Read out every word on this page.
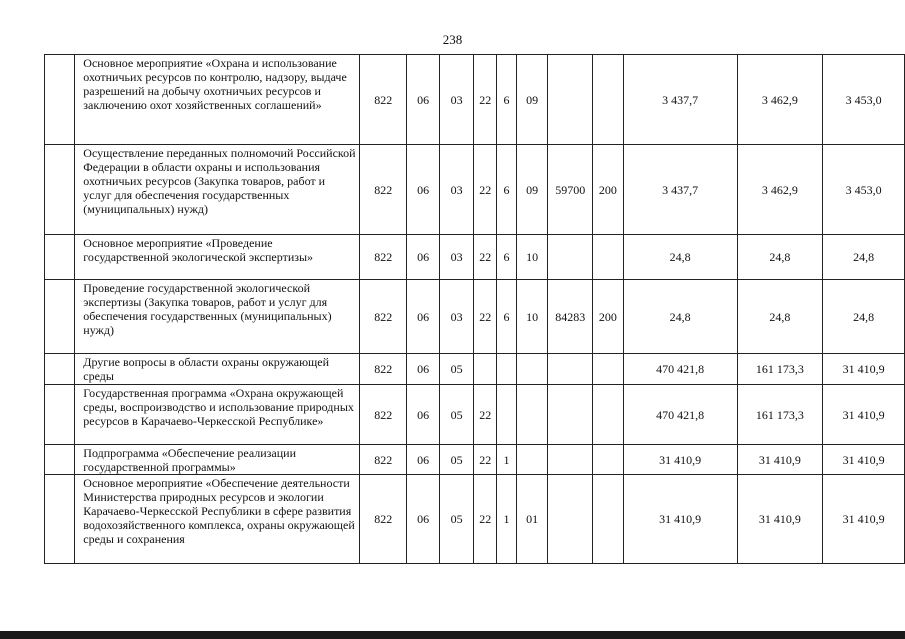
238
	Основное мероприятие «Охрана и использование охотничьих ресурсов по контролю, надзору, выдаче разрешений на добычу охотничьих ресурсов и заключению охот хозяйственных соглашений»	822	06	03	22	6	09			3 437,7	3 462,9	3 453,0
	Осуществление переданных полномочий Российской Федерации в области охраны и использования охотничьих ресурсов (Закупка товаров, работ и услуг для обеспечения государственных (муниципальных) нужд)	822	06	03	22	6	09	59700	200	3 437,7	3 462,9	3 453,0
	Основное мероприятие «Проведение государственной экологической экспертизы»	822	06	03	22	6	10			24,8	24,8	24,8
	Проведение государственной экологической экспертизы (Закупка товаров, работ и услуг для обеспечения государственных (муниципальных) нужд)	822	06	03	22	6	10	84283	200	24,8	24,8	24,8
	Другие вопросы в области охраны окружающей среды	822	06	05						470 421,8	161 173,3	31 410,9
	Государственная программа «Охрана окружающей среды, воспроизводство и использование природных ресурсов в Карачаево-Черкесской Республике»	822	06	05	22					470 421,8	161 173,3	31 410,9
	Подпрограмма «Обеспечение реализации государственной программы»	822	06	05	22	1				31 410,9	31 410,9	31 410,9
	Основное мероприятие «Обеспечение деятельности Министерства природных ресурсов и экологии Карачаево-Черкесской Республики в сфере развития водохозяйственного комплекса, охраны окружающей среды и сохранения	822	06	05	22	1	01			31 410,9	31 410,9	31 410,9
